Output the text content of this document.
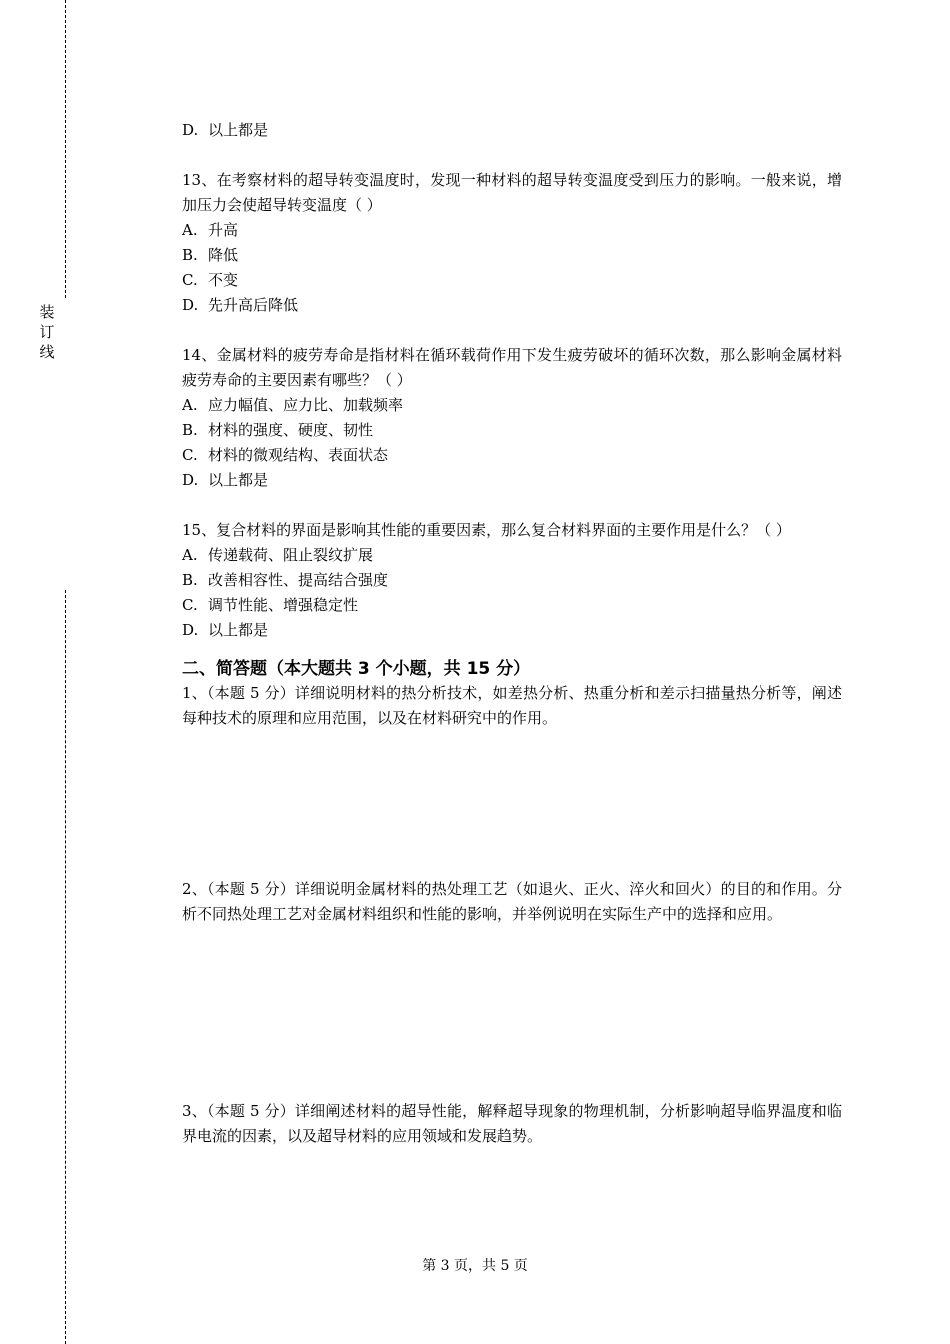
装
订
线

D. 以上都是

13、在考察材料的超导转变温度时，发现一种材料的超导转变温度受到压力的影响。一般来说，增加压力会使超导转变温度（ ）

A. 升高

B. 降低

C. 不变

D. 先升高后降低

14、金属材料的疲劳寿命是指材料在循环载荷作用下发生疲劳破坏的循环次数，那么影响金属材料疲劳寿命的主要因素有哪些？（ ）

A. 应力幅值、应力比、加载频率

B. 材料的强度、硬度、韧性

C. 材料的微观结构、表面状态

D. 以上都是

15、复合材料的界面是影响其性能的重要因素，那么复合材料界面的主要作用是什么？（ ）

A. 传递载荷、阻止裂纹扩展

B. 改善相容性、提高结合强度

C. 调节性能、增强稳定性

D. 以上都是

二、简答题（本大题共 3 个小题，共 15 分）

1、（本题 5 分）详细说明材料的热分析技术，如差热分析、热重分析和差示扫描量热分析等，阐述每种技术的原理和应用范围，以及在材料研究中的作用。

2、（本题 5 分）详细说明金属材料的热处理工艺（如退火、正火、淬火和回火）的目的和作用。分析不同热处理工艺对金属材料组织和性能的影响，并举例说明在实际生产中的选择和应用。

3、（本题 5 分）详细阐述材料的超导性能，解释超导现象的物理机制，分析影响超导临界温度和临界电流的因素，以及超导材料的应用领域和发展趋势。

第 3 页，共 5 页
